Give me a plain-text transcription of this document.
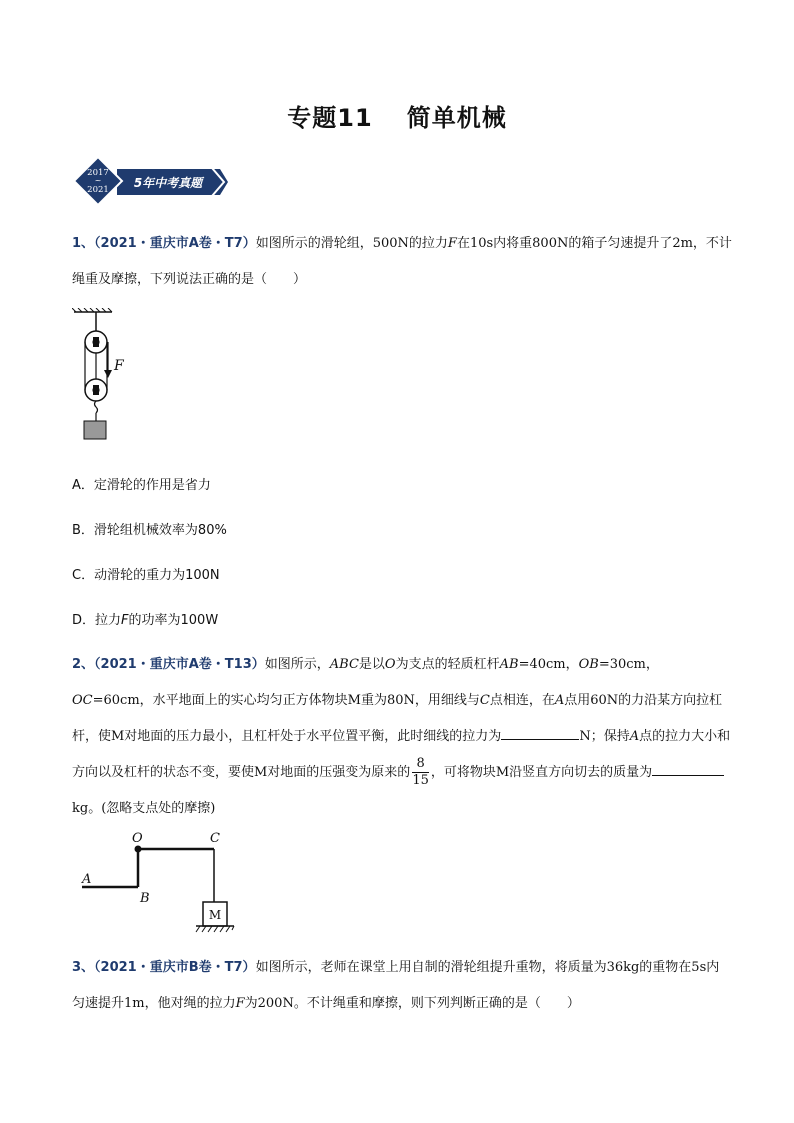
专题11 简单机械
2017
~
2021 5年中考真题
1、（2021・重庆市A卷・T7）如图所示的滑轮组，500N的拉力F在10s内将重800N的箱子匀速提升了2m，不计绳重及摩擦，下列说法正确的是（　　）
F
A．定滑轮的作用是省力
B．滑轮组机械效率为80%
C．动滑轮的重力为100N
D．拉力F的功率为100W
2、（2021・重庆市A卷・T13）如图所示，ABC是以O为支点的轻质杠杆AB=40cm，OB=30cm，OC=60cm，水平地面上的实心均匀正方体物块M重为80N，用细线与C点相连，在A点用60N的力沿某方向拉杠杆，使M对地面的压力最小，且杠杆处于水平位置平衡，此时细线的拉力为	N；保持A点的拉力大小和方向以及杠杆的状态不变，要使M对地面的压强变为原来的 $\frac{8}{15}$ ，可将物块M沿竖直方向切去的质量为kg。(忽略支点处的摩擦)
O	C
A
B
M
3、（2021・重庆市B卷・T7）如图所示，老师在课堂上用自制的滑轮组提升重物，将质量为36kg的重物在5s内匀速提升1m，他对绳的拉力F为200N。不计绳重和摩擦，则下列判断正确的是（　　）
